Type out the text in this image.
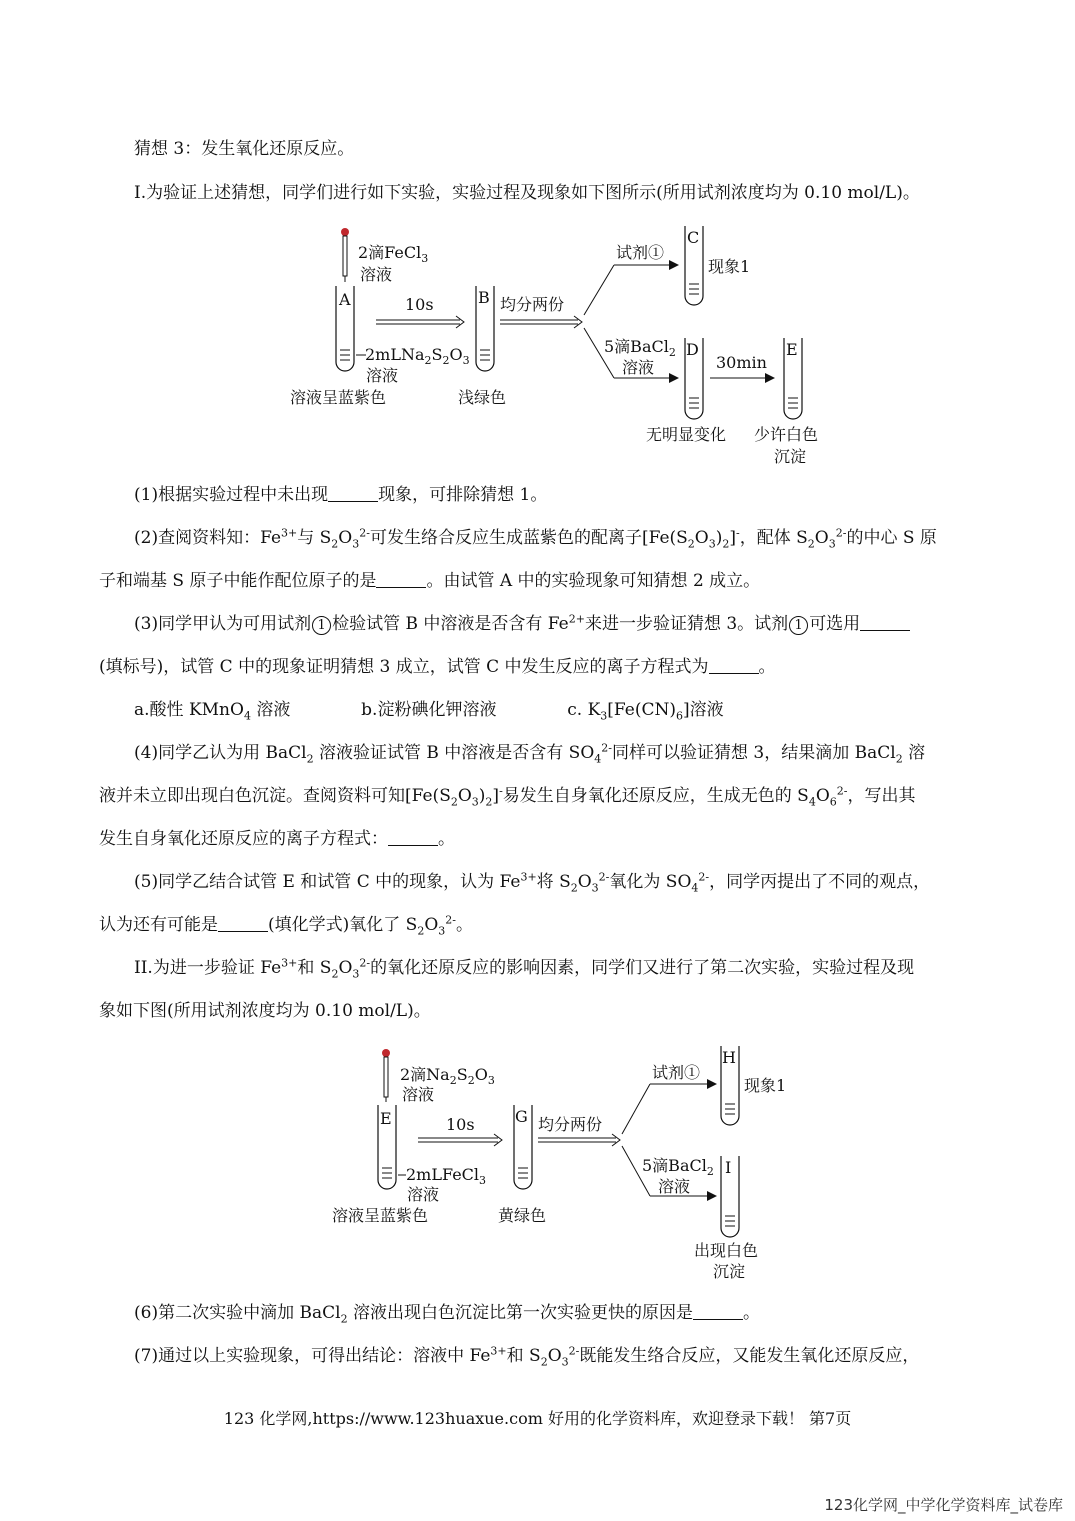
猜想 3：发生氧化还原反应。
I.为验证上述猜想，同学们进行如下实验，实验过程及现象如下图所示(所用试剂浓度均为 0.10 mol/L)。
2滴FeCl$_3$
溶液
A
$2mLNa_2S_2O_3$
溶液
溶液呈蓝紫色
10s	B
浅绿色
均分两份
试剂①
5滴BaCl$_2$
溶液
C
现象1
D
无明显变化
30min
E
少许白色
沉淀
2滴$Na_2S_2O_3$
溶液
E
2mLFeCl$_3$
溶液
溶液呈蓝紫色
10s	G
黄绿色
均分两份
试剂①
5滴BaCl$_2$
溶液
H
现象1
I
出现白色
沉淀
(1)根据实验过程中未出现	现象，可排除猜想 1。
(2)查阅资料知：$Fe^{3+}$与 $S_2O_3^{2-}$可发生络合反应生成蓝紫色的配离子$[Fe(S_2O_3)_2]^-$，配体 $S_2O_3^{2-}$的中心 S 原
子和端基 S 原子中能作配位原子的是	。由试管 A 中的实验现象可知猜想 2 成立。
(3)同学甲认为可用试剂 1 检验试管 B 中溶液是否含有 $Fe^{2+}$来进一步验证猜想 3。试剂 1 可选用
(填标号)，试管 C 中的现象证明猜想 3 成立，试管 C 中发生反应的离子方程式为	。
a.酸性 KMnO$_4$ 溶液	b.淀粉碘化钾溶液	c. $K_3[Fe(CN)_6]$溶液
(4)同学乙认为用 BaCl$_2$ 溶液验证试管 B 中溶液是否含有 $SO_4^{2-}$同样可以验证猜想 3，结果滴加 BaCl$_2$ 溶
液并未立即出现白色沉淀。查阅资料可知$[Fe(S_2O_3)_2]^-$易发生自身氧化还原反应，生成无色的 $S_4O_6^{2-}$，写出其
发生自身氧化还原反应的离子方程式：	。
(5)同学乙结合试管 E 和试管 C 中的现象，认为 $Fe^{3+}$将 $S_2O_3^{2-}$氧化为 $SO_4^{2-}$，同学丙提出了不同的观点，
认为还有可能是	(填化学式)氧化了 $S_2O_3^{2-}$。
II.为进一步验证 $Fe^{3+}$和 $S_2O_3^{2-}$的氧化还原反应的影响因素，同学们又进行了第二次实验，实验过程及现
象如下图(所用试剂浓度均为 0.10 mol/L)。
(6)第二次实验中滴加 BaCl$_2$ 溶液出现白色沉淀比第一次实验更快的原因是	。
(7)通过以上实验现象，可得出结论：溶液中 $Fe^{3+}$和 $S_2O_3^{2-}$既能发生络合反应，又能发生氧化还原反应，
123 化学网,https://www.123huaxue.com 好用的化学资料库，欢迎登录下载！ 第7页
123化学网_中学化学资料库_试卷库
